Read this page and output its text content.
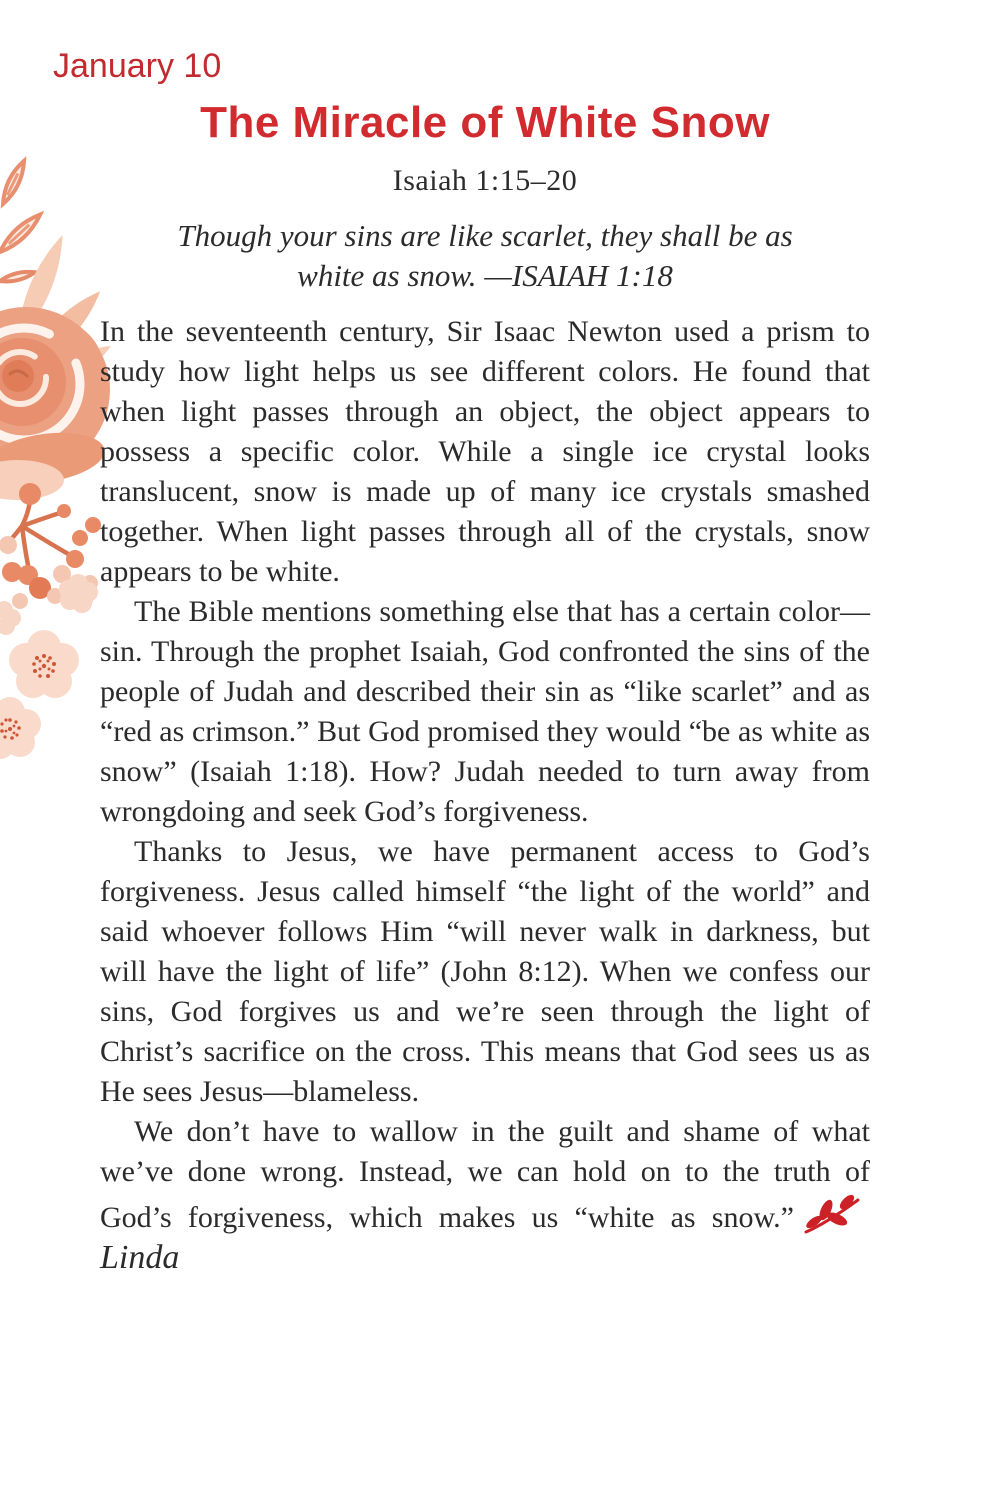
January 10
The Miracle of White Snow
Isaiah 1:15–20
Though your sins are like scarlet, they shall be as white as snow. —ISAIAH 1:18

In the seventeenth century, Sir Isaac Newton used a prism to study how light helps us see different colors. He found that when light passes through an object, the object appears to possess a specific color. While a single ice crystal looks translucent, snow is made up of many ice crystals smashed together. When light passes through all of the crystals, snow appears to be white.

The Bible mentions something else that has a certain color—sin. Through the prophet Isaiah, God confronted the sins of the people of Judah and described their sin as “like scarlet” and as “red as crimson.” But God promised they would “be as white as snow” (Isaiah 1:18). How? Judah needed to turn away from wrongdoing and seek God’s forgiveness.

Thanks to Jesus, we have permanent access to God’s forgiveness. Jesus called himself “the light of the world” and said whoever follows Him “will never walk in darkness, but will have the light of life” (John 8:12). When we confess our sins, God forgives us and we’re seen through the light of Christ’s sacrifice on the cross. This means that God sees us as He sees Jesus—blameless.

We don’t have to wallow in the guilt and shame of what we’ve done wrong. Instead, we can hold on to the truth of God’s forgiveness, which makes us “white as snow.”Linda
